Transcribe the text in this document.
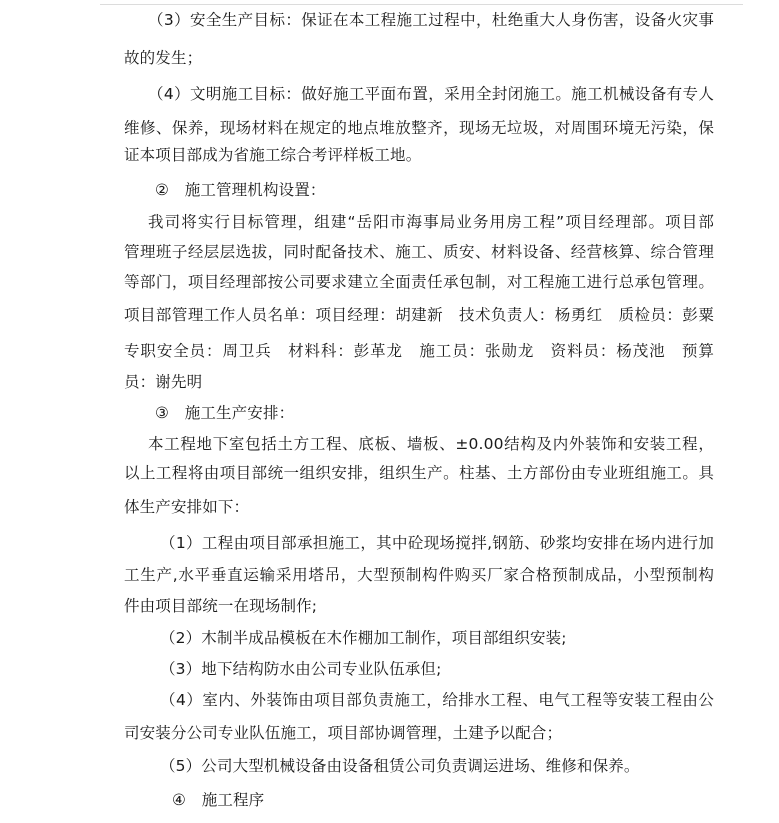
（3）安全生产目标：保证在本工程施工过程中，杜绝重大人身伤害，设备火灾事
故的发生；
（4）文明施工目标：做好施工平面布置，采用全封闭施工。施工机械设备有专人
维修、保养，现场材料在规定的地点堆放整齐，现场无垃圾，对周围环境无污染，保
证本项目部成为省施工综合考评样板工地。
②　施工管理机构设置：
我司将实行目标管理，组建“岳阳市海事局业务用房工程”项目经理部。项目部
管理班子经层层选拔，同时配备技术、施工、质安、材料设备、经营核算、综合管理
等部门，项目经理部按公司要求建立全面责任承包制，对工程施工进行总承包管理。
项目部管理工作人员名单：项目经理：胡建新　技术负责人：杨勇红　质检员：彭粟
专职安全员：周卫兵　材料科：彭革龙　施工员：张勋龙　资料员：杨茂池　预算
员：谢先明
③　施工生产安排：
本工程地下室包括土方工程、底板、墙板、±0.00结构及内外装饰和安装工程，
以上工程将由项目部统一组织安排，组织生产。柱基、土方部份由专业班组施工。具
体生产安排如下：
（1）工程由项目部承担施工，其中砼现场搅拌,钢筋、砂浆均安排在场内进行加
工生产,水平垂直运输采用塔吊，大型预制构件购买厂家合格预制成品，小型预制构
件由项目部统一在现场制作;
（2）木制半成品模板在木作棚加工制作，项目部组织安装;
（3）地下结构防水由公司专业队伍承但;
（4）室内、外装饰由项目部负责施工，给排水工程、电气工程等安装工程由公
司安装分公司专业队伍施工，项目部协调管理，土建予以配合；
（5）公司大型机械设备由设备租赁公司负责调运进场、维修和保养。
④　施工程序
